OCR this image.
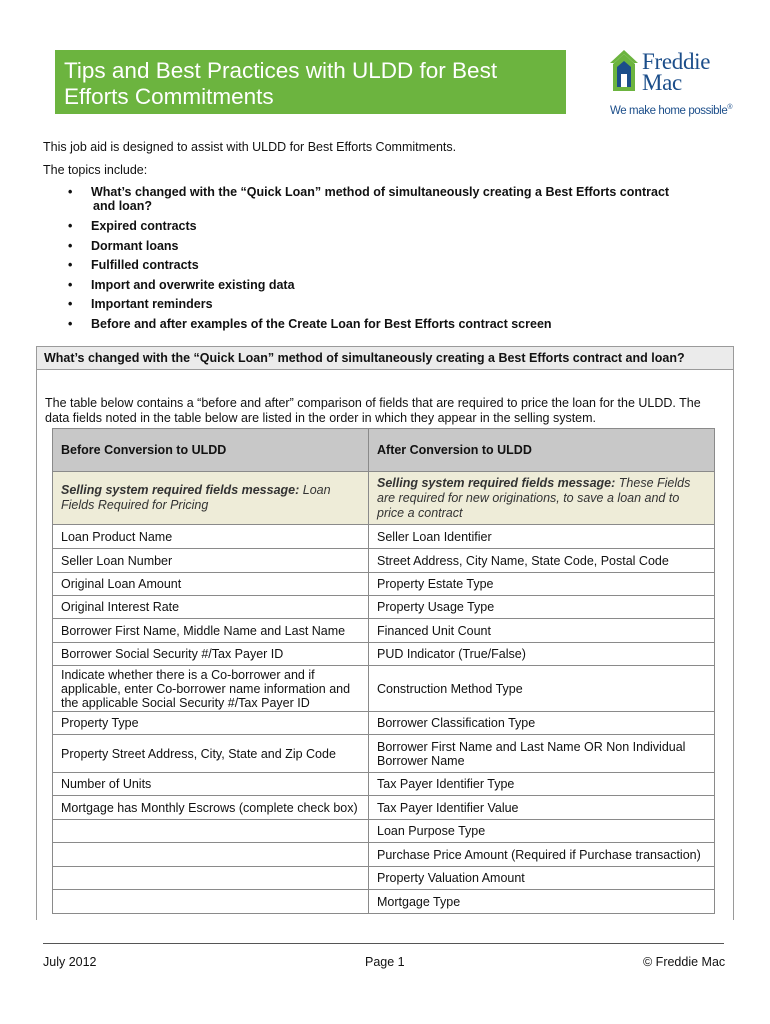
Tips and Best Practices with ULDD for Best
Efforts Commitments
Freddie
Mac
We make home possible®

This job aid is designed to assist with ULDD for Best Efforts Commitments.

The topics include:

• What’s changed with the “Quick Loan” method of simultaneously creating a Best Efforts contract
and loan?
• Expired contracts
• Dormant loans
• Fulfilled contracts
• Import and overwrite existing data
• Important reminders
• Before and after examples of the Create Loan for Best Efforts contract screen
What’s changed with the “Quick Loan” method of simultaneously creating a Best Efforts contract and loan?

The table below contains a “before and after” comparison of fields that are required to price the loan for the ULDD. The data fields noted in the table below are listed in the order in which they appear in the selling system.

Before Conversion to ULDD	After Conversion to ULDD
Selling system required fields message: Loan Fields Required for Pricing	Selling system required fields message: These Fields are required for new originations, to save a loan and to price a contract
Loan Product Name	Seller Loan Identifier
Seller Loan Number	Street Address, City Name, State Code, Postal Code
Original Loan Amount	Property Estate Type
Original Interest Rate	Property Usage Type
Borrower First Name, Middle Name and Last Name	Financed Unit Count
Borrower Social Security #/Tax Payer ID	PUD Indicator (True/False)
Indicate whether there is a Co-borrower and if applicable, enter Co-borrower name information and the applicable Social Security #/Tax Payer ID	Construction Method Type
Property Type	Borrower Classification Type
Property Street Address, City, State and Zip Code	Borrower First Name and Last Name OR Non Individual Borrower Name
Number of Units	Tax Payer Identifier Type
Mortgage has Monthly Escrows (complete check box)	Tax Payer Identifier Value
	Loan Purpose Type
	Purchase Price Amount (Required if Purchase transaction)
	Property Valuation Amount
	Mortgage Type
July 2012	Page 1	© Freddie Mac
